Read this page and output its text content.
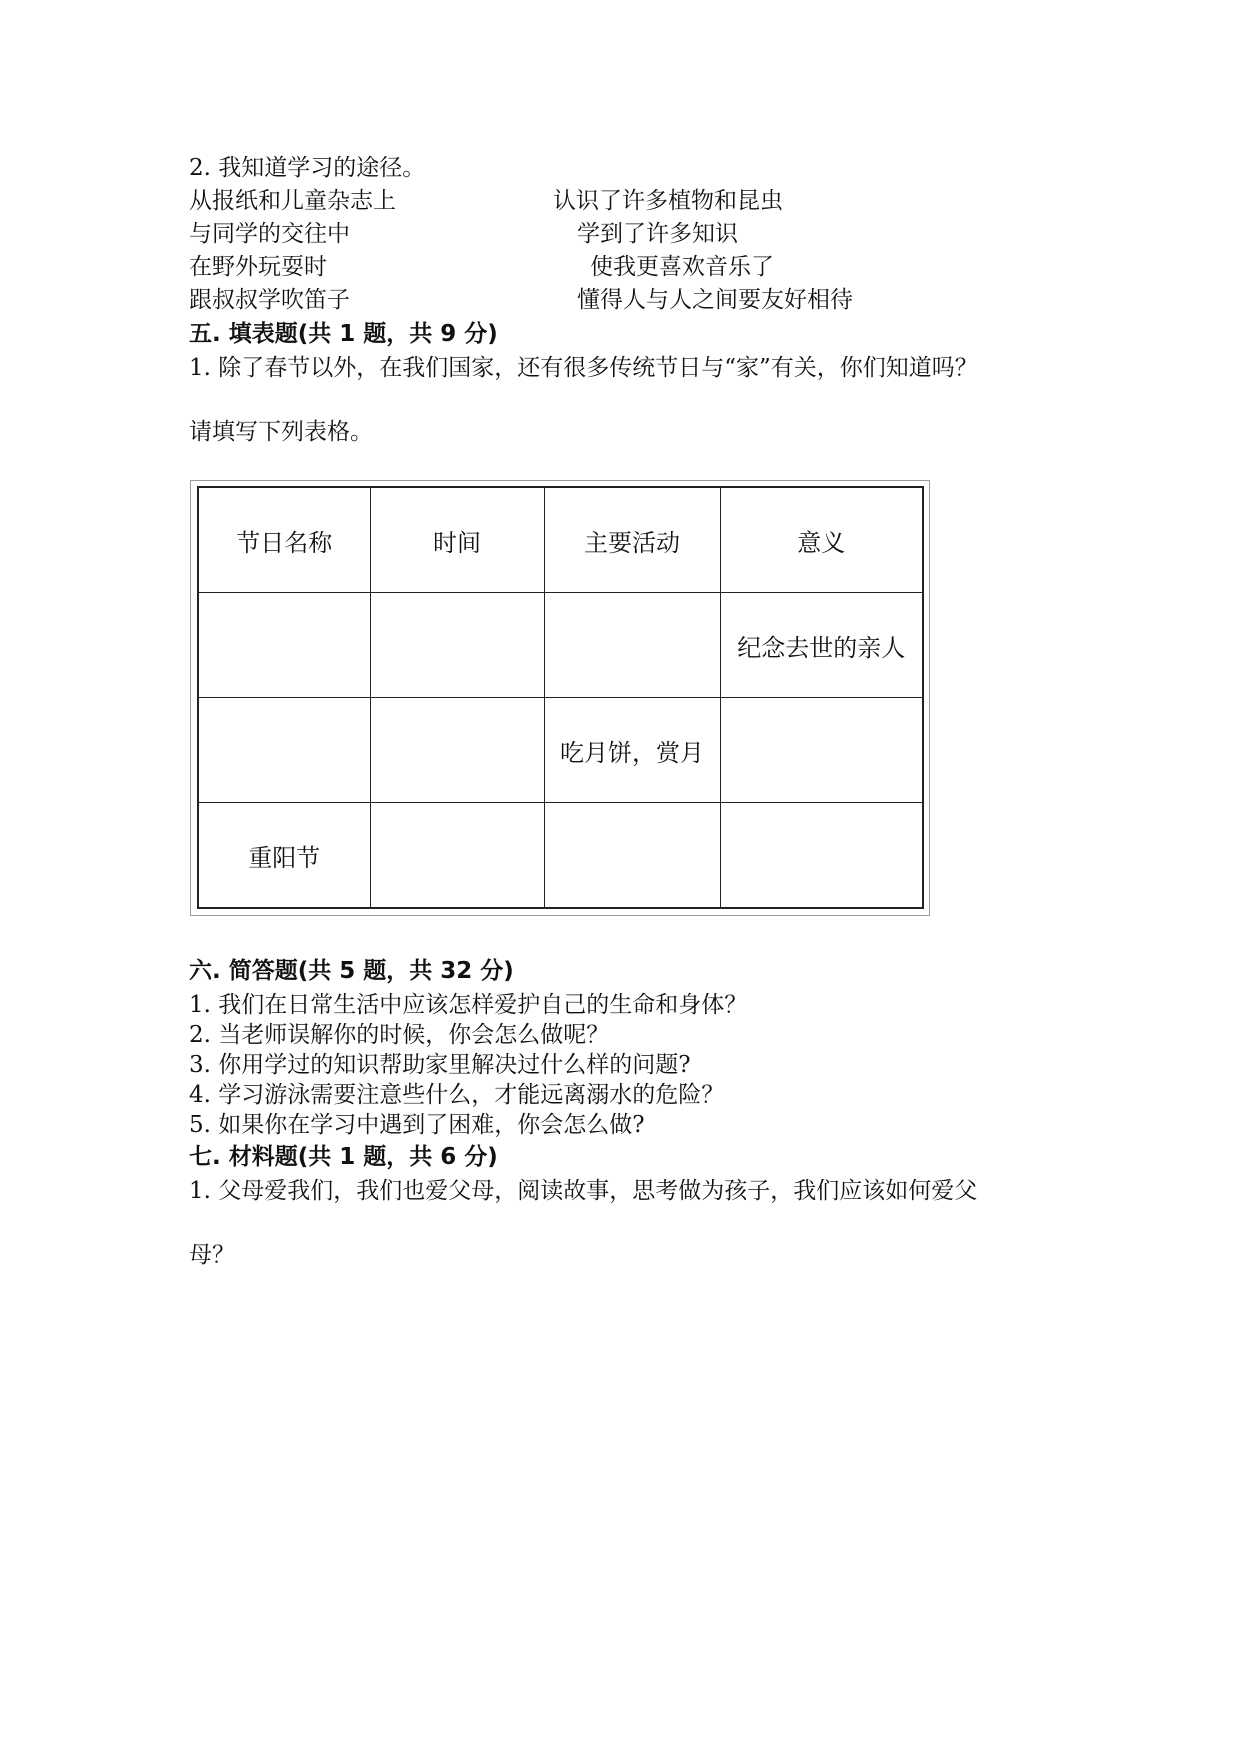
2. 我知道学习的途径。
从报纸和儿童杂志上	认识了许多植物和昆虫
与同学的交往中	学到了许多知识
在野外玩耍时	使我更喜欢音乐了
跟叔叔学吹笛子	懂得人与人之间要友好相待
五. 填表题(共 1 题，共 9 分)
1. 除了春节以外，在我们国家，还有很多传统节日与“家”有关，你们知道吗？
请填写下列表格。
节日名称	时间	主要活动	意义
			纪念去世的亲人
		吃月饼，赏月	
重阳节			
六. 简答题(共 5 题，共 32 分)
1. 我们在日常生活中应该怎样爱护自己的生命和身体？
2. 当老师误解你的时候，你会怎么做呢？
3. 你用学过的知识帮助家里解决过什么样的问题?
4. 学习游泳需要注意些什么，才能远离溺水的危险？
5. 如果你在学习中遇到了困难，你会怎么做?
七. 材料题(共 1 题，共 6 分)
1. 父母爱我们，我们也爱父母，阅读故事，思考做为孩子，我们应该如何爱父
母？
